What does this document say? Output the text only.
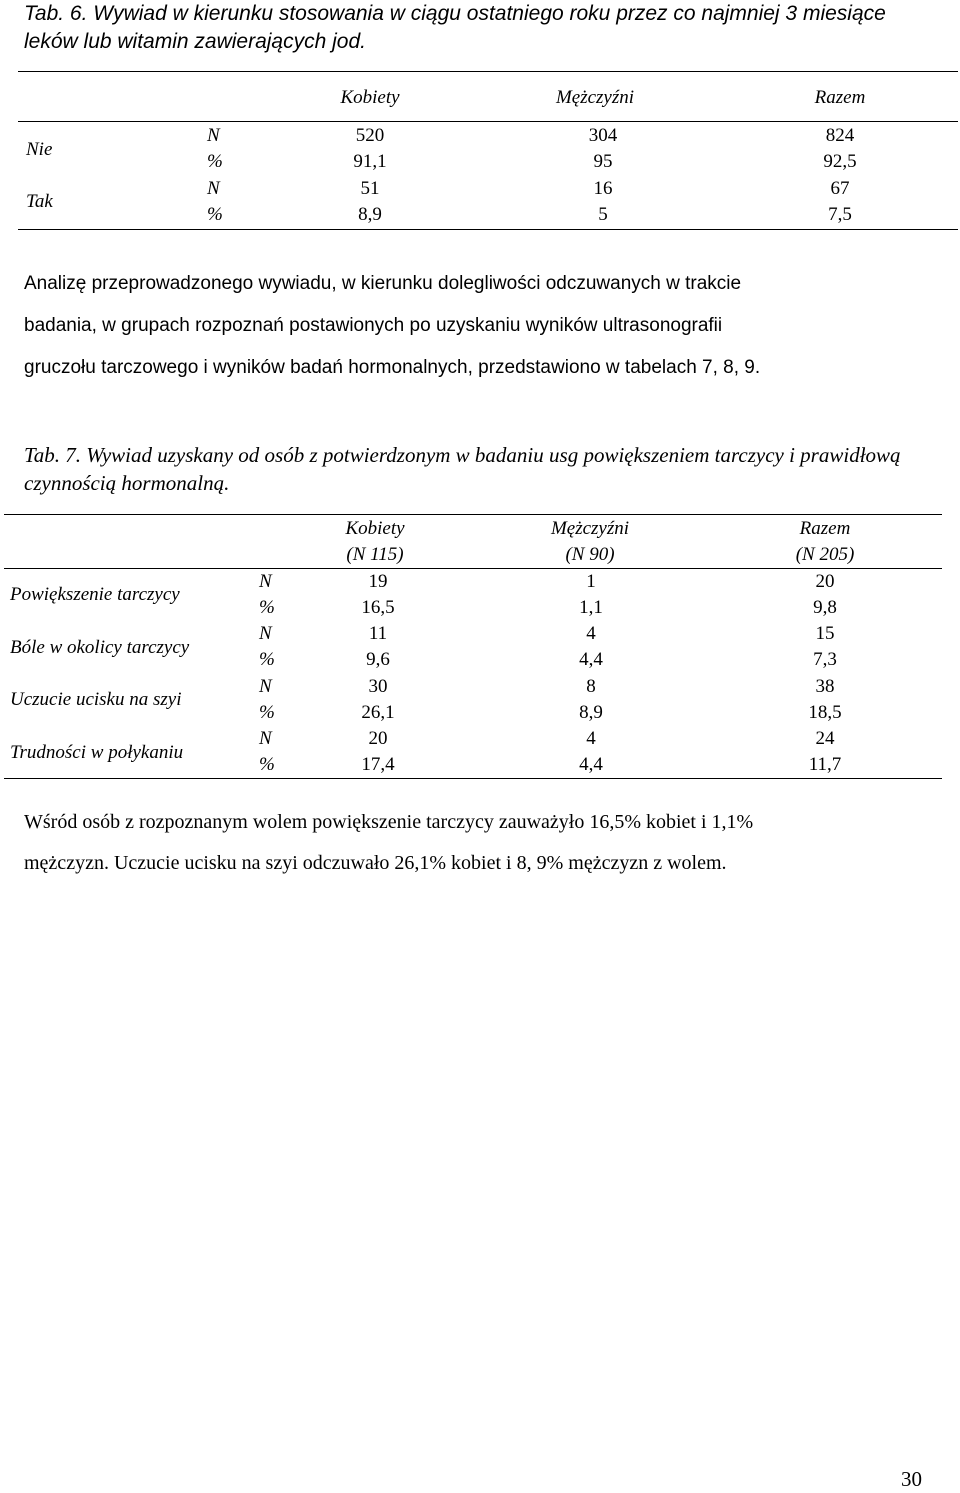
Tab. 6. Wywiad w kierunku stosowania w ciągu ostatniego roku przez co najmniej 3 miesiące leków lub witamin zawierających jod.
Kobiety	Mężczyźni	Razem
Nie
N
%
520
91,1
304
95
824
92,5
Tak
N
%
51
8,9
16
5
67
7,5
Analizę przeprowadzonego wywiadu, w kierunku dolegliwości odczuwanych w trakcie
badania, w grupach rozpoznań postawionych po uzyskaniu wyników ultrasonografii
gruczołu tarczowego i wyników badań hormonalnych, przedstawiono w tabelach 7, 8, 9.
Tab. 7. Wywiad uzyskany od osób z potwierdzonym w badaniu usg powiększeniem tarczycy i prawidłową czynnością hormonalną.
Kobiety
(N 115)
Mężczyźni
(N 90)
Razem
(N 205)
Powiększenie tarczycy
N
%
19
16,5
1
1,1
20
9,8
Bóle w okolicy tarczycy
N
%
11
9,6
4
4,4
15
7,3
Uczucie ucisku na szyi
N
%
30
26,1
8
8,9
38
18,5
Trudności w połykaniu
N
%
20
17,4
4
4,4
24
11,7
Wśród osób z rozpoznanym wolem powiększenie tarczycy zauważyło 16,5% kobiet i 1,1%
mężczyzn. Uczucie ucisku na szyi odczuwało 26,1% kobiet i 8, 9% mężczyzn z wolem.
30
